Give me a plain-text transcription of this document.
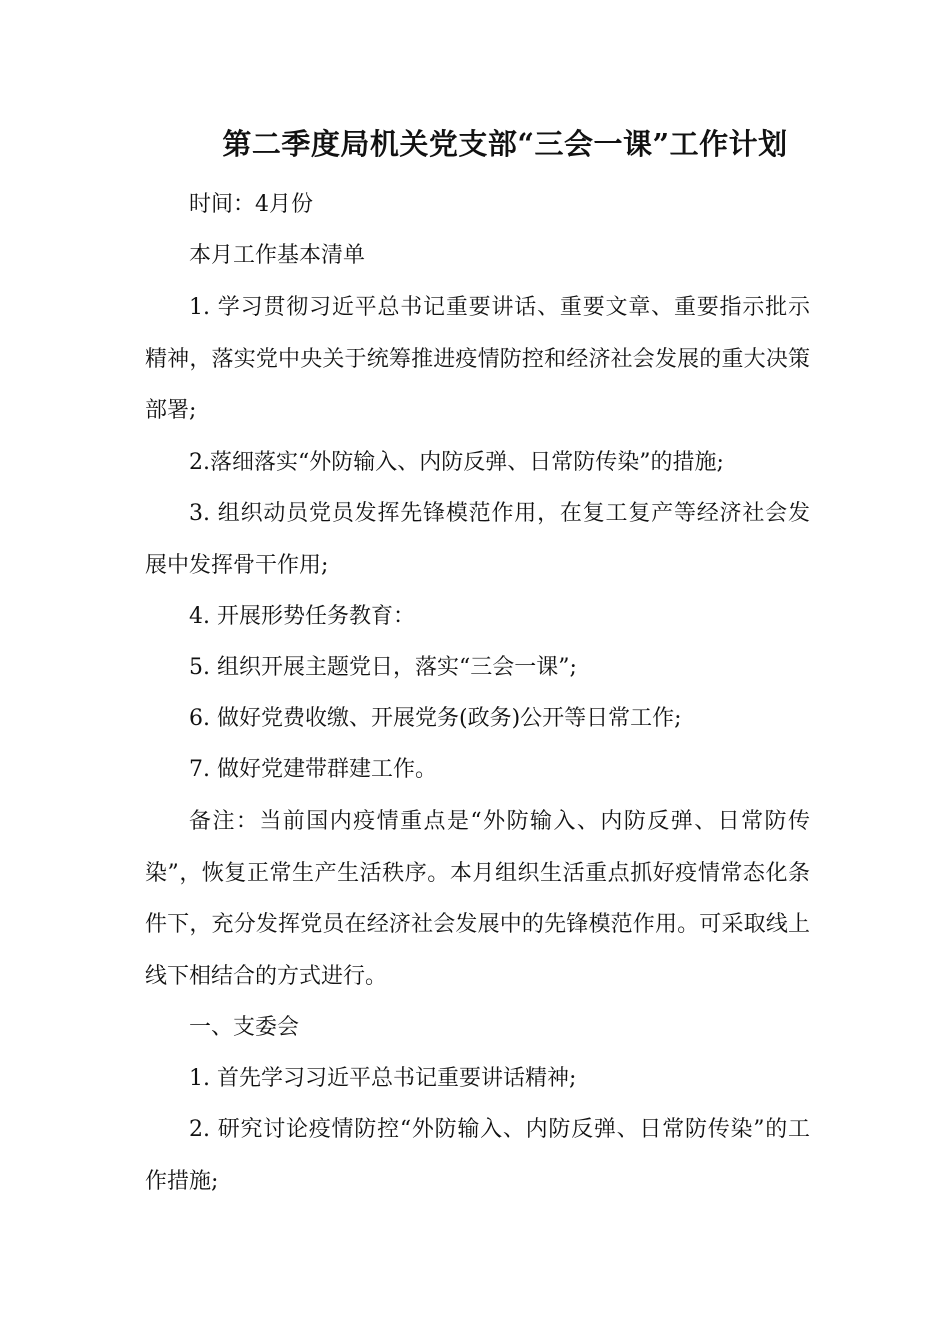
第二季度局机关党支部“三会一课”工作计划

时间：4月份

本月工作基本清单

1. 学习贯彻习近平总书记重要讲话、重要文章、重要指示批示精神，落实党中央关于统筹推进疫情防控和经济社会发展的重大决策部署;

2.落细落实“外防输入、内防反弹、日常防传染”的措施;

3. 组织动员党员发挥先锋模范作用，在复工复产等经济社会发展中发挥骨干作用;

4. 开展形势任务教育：

5. 组织开展主题党日，落实“三会一课”;

6. 做好党费收缴、开展党务(政务)公开等日常工作;

7. 做好党建带群建工作。

备注：当前国内疫情重点是“外防输入、内防反弹、日常防传染”，恢复正常生产生活秩序。本月组织生活重点抓好疫情常态化条件下，充分发挥党员在经济社会发展中的先锋模范作用。可采取线上线下相结合的方式进行。

一、支委会

1. 首先学习习近平总书记重要讲话精神;

2. 研究讨论疫情防控“外防输入、内防反弹、日常防传染”的工作措施;
